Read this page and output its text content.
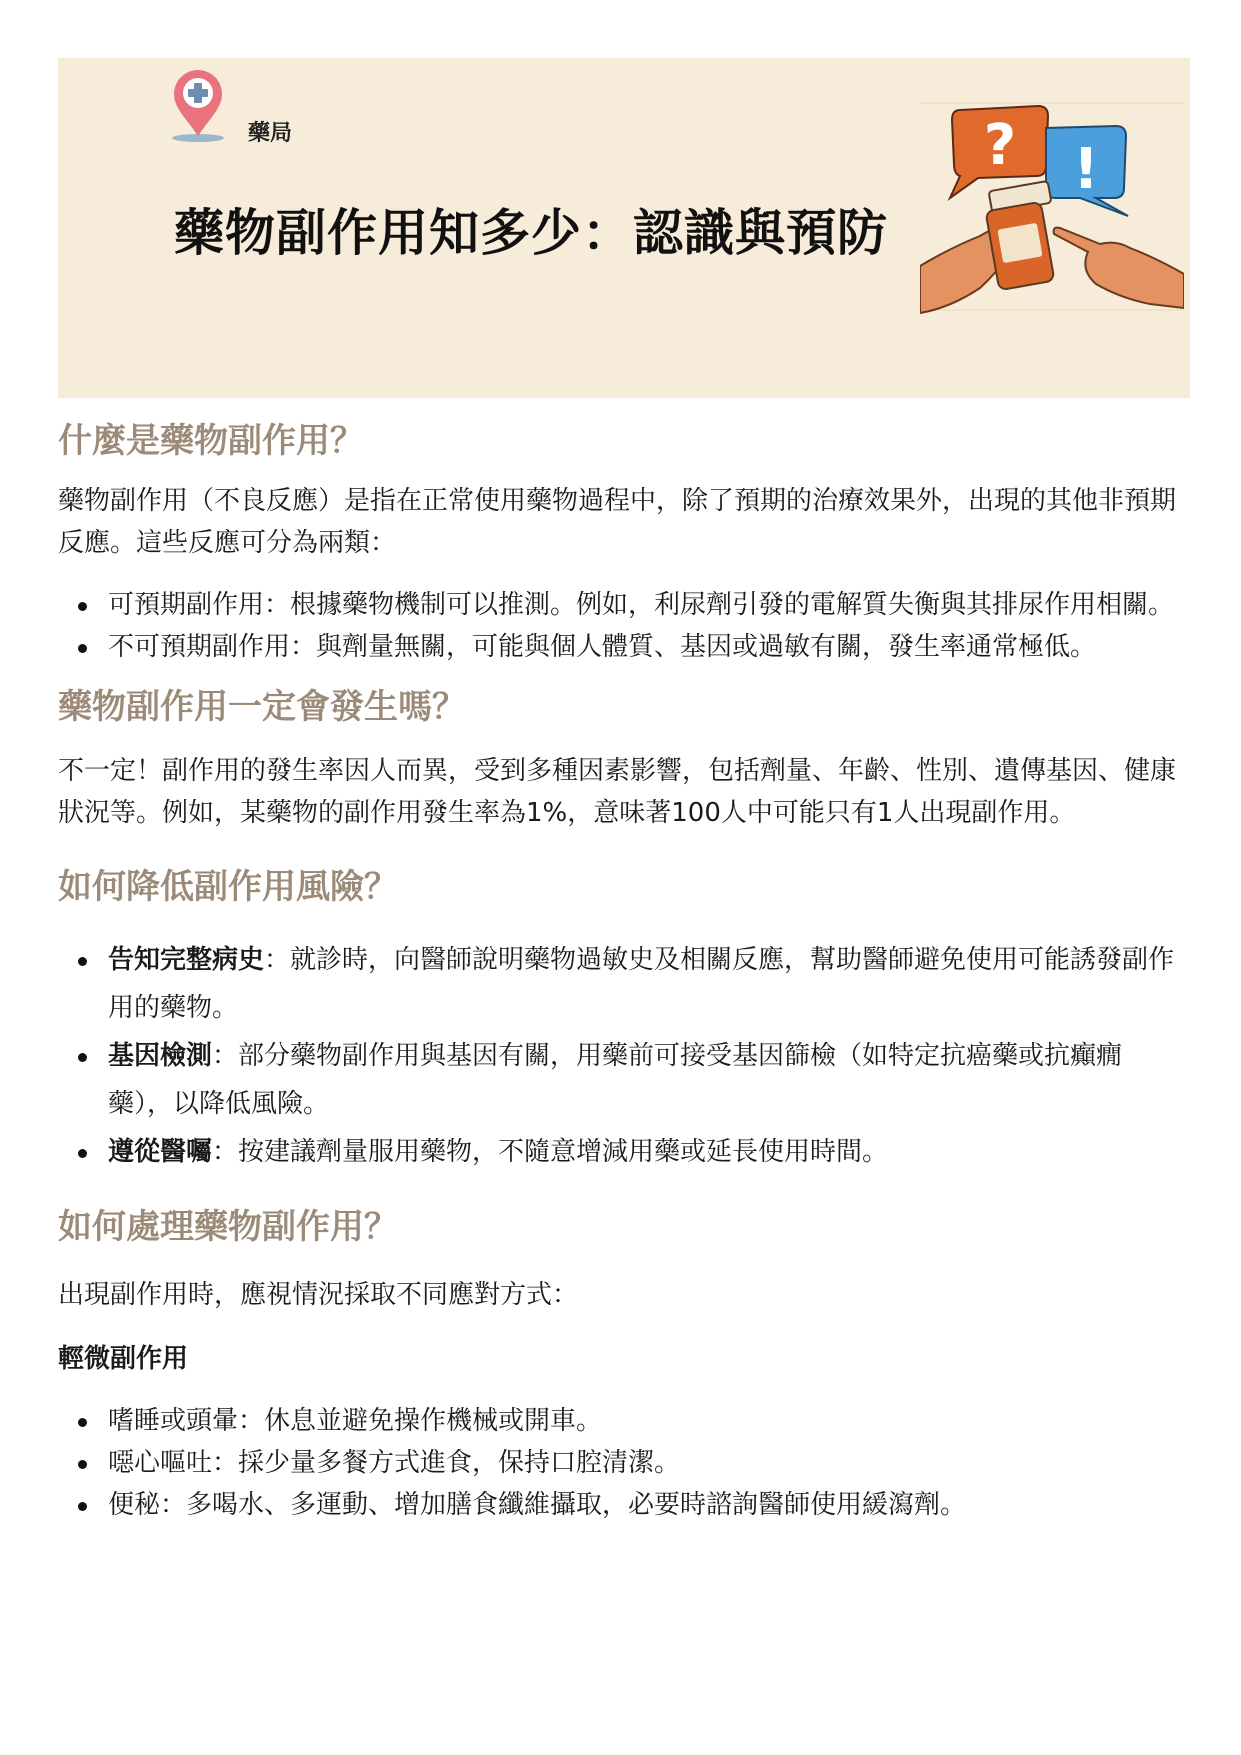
藥局
藥物副作用知多少：認識與預防
? !
什麼是藥物副作用？

藥物副作用（不良反應）是指在正常使用藥物過程中，除了預期的治療效果外，出現的其他非預期反應。這些反應可分為兩類：

可預期副作用：根據藥物機制可以推測。例如，利尿劑引發的電解質失衡與其排尿作用相關。
不可預期副作用：與劑量無關，可能與個人體質、基因或過敏有關，發生率通常極低。
藥物副作用一定會發生嗎？

不一定！副作用的發生率因人而異，受到多種因素影響，包括劑量、年齡、性別、遺傳基因、健康狀況等。例如，某藥物的副作用發生率為1%，意味著100人中可能只有1人出現副作用。

如何降低副作用風險？
告知完整病史：就診時，向醫師說明藥物過敏史及相關反應，幫助醫師避免使用可能誘發副作用的藥物。
基因檢測：部分藥物副作用與基因有關，用藥前可接受基因篩檢（如特定抗癌藥或抗癲癇藥），以降低風險。
遵從醫囑：按建議劑量服用藥物，不隨意增減用藥或延長使用時間。
如何處理藥物副作用？

出現副作用時，應視情況採取不同應對方式：

輕微副作用
嗜睡或頭暈：休息並避免操作機械或開車。
噁心嘔吐：採少量多餐方式進食，保持口腔清潔。
便秘：多喝水、多運動、增加膳食纖維攝取，必要時諮詢醫師使用緩瀉劑。
